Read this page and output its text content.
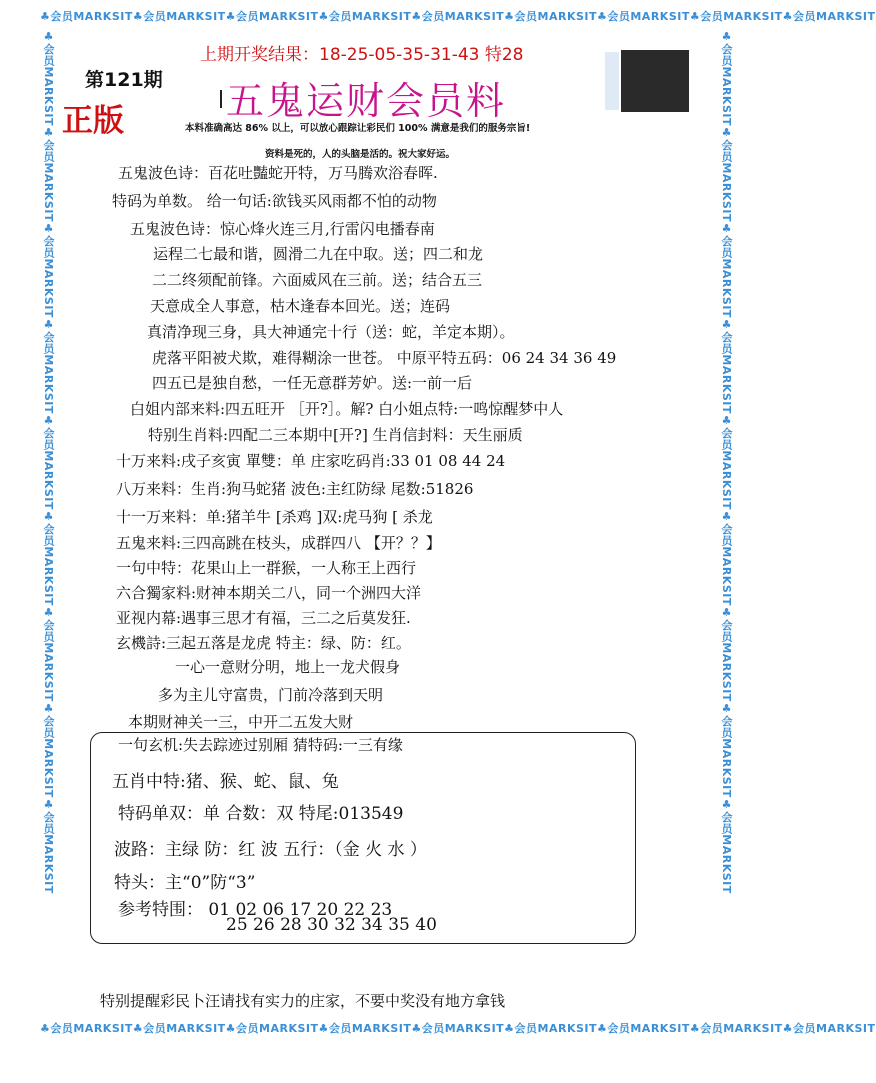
♣会员MARKSIT♣会员MARKSIT♣会员MARKSIT♣会员MARKSIT♣会员MARKSIT♣会员MARKSIT♣会员MARKSIT♣会员MARKSIT♣会员MARKSIT
♣会员MARKSIT♣会员MARKSIT♣会员MARKSIT♣会员MARKSIT♣会员MARKSIT♣会员MARKSIT♣会员MARKSIT♣会员MARKSIT♣会员MARKSIT
♣会员MARKSIT♣会员MARKSIT♣会员MARKSIT♣会员MARKSIT♣会员MARKSIT♣会员MARKSIT♣会员MARKSIT♣会员MARKSIT♣会员MARKSIT	♣会员MARKSIT♣会员MARKSIT♣会员MARKSIT♣会员MARKSIT♣会员MARKSIT♣会员MARKSIT♣会员MARKSIT♣会员MARKSIT♣会员MARKSIT
上期开奖结果：18-25-05-35-31-43 特28
第121期
正版	五鬼运财会员料
本料准确高达 86% 以上，可以放心跟踪让彩民们 100% 满意是我们的服务宗旨!
资料是死的，人的头脑是活的。祝大家好运。
五鬼波色诗：百花吐豔蛇开特，万马腾欢浴春晖.
特码为单数。 给一句话:欲钱买风雨都不怕的动物
五鬼波色诗：惊心烽火连三月,行雷闪电播春南
运程二七最和谐，圆滑二九在中取。送；四二和龙
二二终须配前锋。六面威风在三前。送；结合五三
天意成全人事意，枯木逢春本回光。送；连码
真清净现三身，具大神通完十行（送：蛇，羊定本期）。
虎落平阳被犬欺，难得糊涂一世苍。 中原平特五码：06 24 34 36 49
四五已是独自愁，一任无意群芳妒。送:一前一后
白姐内部来料:四五旺开 ［开?］。解? 白小姐点特:一鸣惊醒梦中人
特别生肖料:四配二三本期中[开?] 生肖信封料：天生丽质
十万来料:戌子亥寅 單雙：单 庄家吃码肖:33 01 08 44 24
八万来料：生肖:狗马蛇猪 波色:主红防绿 尾数:51826
十一万来料：单:猪羊牛 [杀鸡 ]双:虎马狗 [ 杀龙
五鬼来料:三四高跳在枝头，成群四八 【开？？】
一句中特：花果山上一群猴，一人称王上西行
六合獨家料:财神本期关二八，同一个洲四大洋
亚视内幕:遇事三思才有福，三二之后莫发狂.
玄機詩:三起五落是龙虎 特主：绿、防：红。
一心一意财分明，地上一龙犬假身
多为主儿守富贵，门前冷落到天明
本期财神关一三，中开二五发大财
一句玄机:失去踪迹过别厢 猜特码:一三有缘
五肖中特:猪、猴、蛇、鼠、兔
特码单双：单 合数：双 特尾:013549
波路：主绿 防：红 波 五行：（金 火 水 ）
特头：主“0”防“3”
参考特围： 01 02 06 17 20 22 23
25 26 28 30 32 34 35 40
特别提醒彩民卜汪请找有实力的庄家，不要中奖没有地方拿钱
